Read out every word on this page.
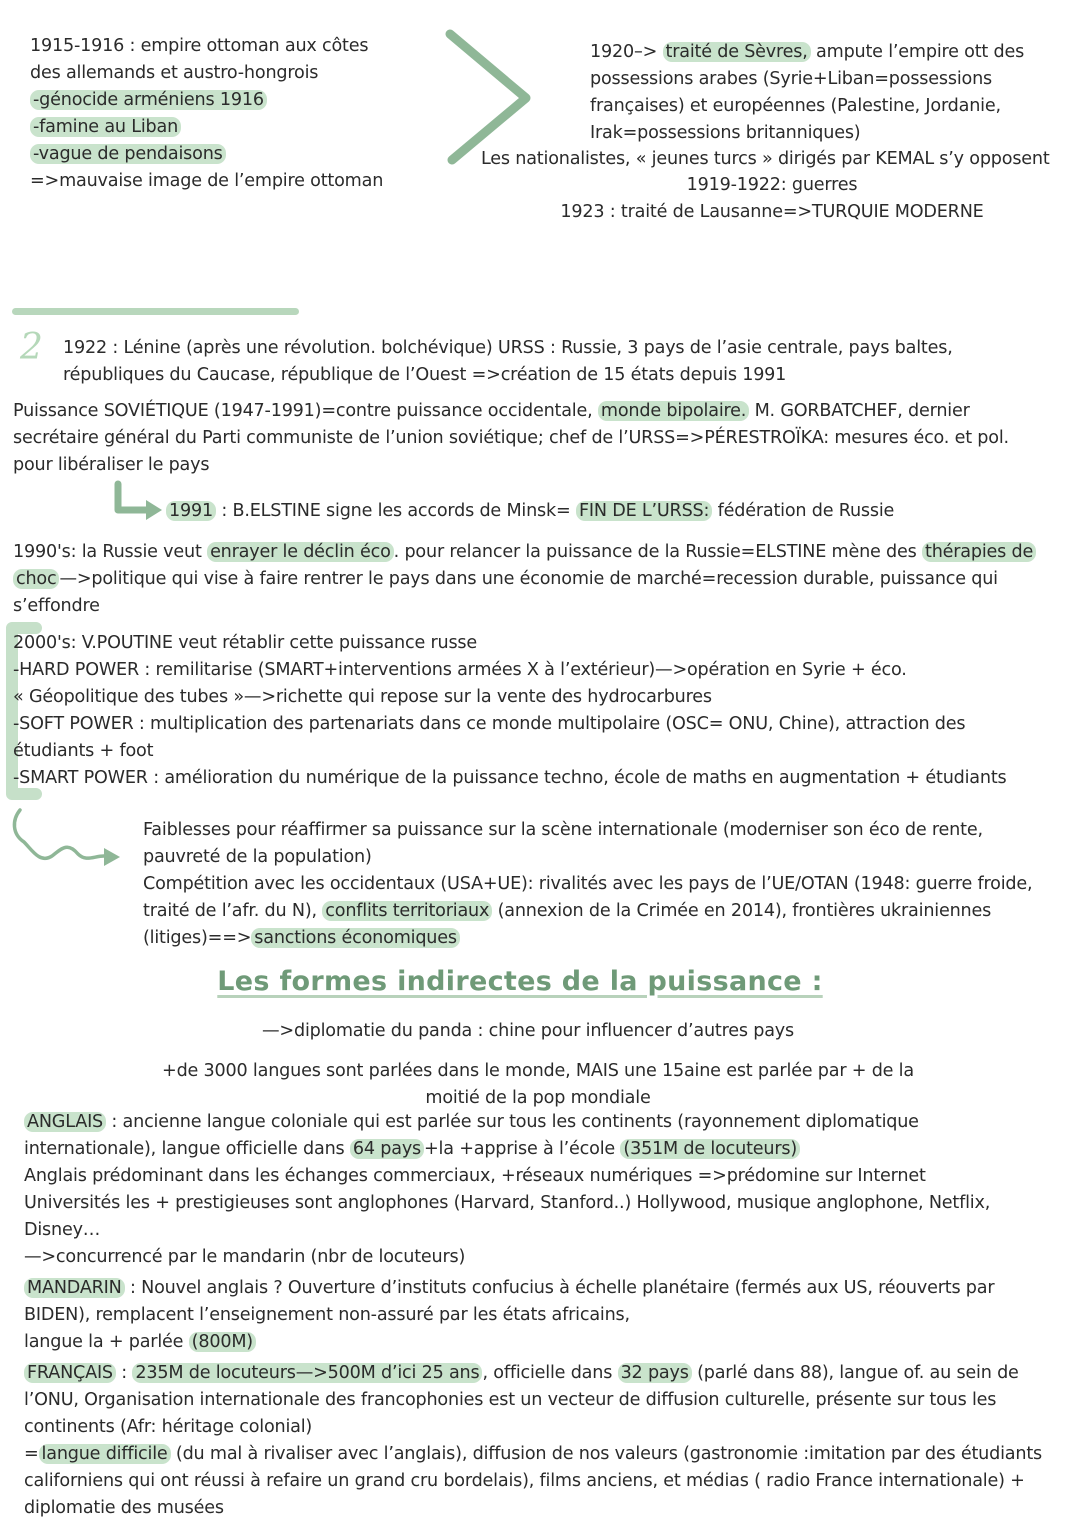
1915-1916 : empire ottoman aux côtes
des allemands et austro-hongrois
-génocide arméniens 1916
-famine au Liban
-vague de pendaisons
=>mauvaise image de l’empire ottoman
1920–> traité de Sèvres, ampute l’empire ott des
possessions arabes (Syrie+Liban=possessions
françaises) et européennes (Palestine, Jordanie,
Irak=possessions britanniques)
Les nationalistes, « jeunes turcs » dirigés par KEMAL s’y opposent
1919-1922: guerres
1923 : traité de Lausanne=>TURQUIE MODERNE
2 1922 : Lénine (après une révolution. bolchévique) URSS : Russie, 3 pays de l’asie centrale, pays baltes,
républiques du Caucase, république de l’Ouest =>création de 15 états depuis 1991
Puissance SOVIÉTIQUE (1947-1991)=contre puissance occidentale, monde bipolaire. M. GORBATCHEF, dernier
secrétaire général du Parti communiste de l’union soviétique; chef de l’URSS=>PÉRESTROÏKA: mesures éco. et pol.
pour libéraliser le pays
1991 : B.ELSTINE signe les accords de Minsk= FIN DE L’URSS: fédération de Russie
1990's: la Russie veut enrayer le déclin éco . pour relancer la puissance de la Russie=ELSTINE mène des thérapies de
choc —>politique qui vise à faire rentrer le pays dans une économie de marché=recession durable, puissance qui
s’effondre
2000's: V.POUTINE veut rétablir cette puissance russe
-HARD POWER : remilitarise (SMART+interventions armées X à l’extérieur)—>opération en Syrie + éco.
« Géopolitique des tubes »—>richette qui repose sur la vente des hydrocarbures
-SOFT POWER : multiplication des partenariats dans ce monde multipolaire (OSC= ONU, Chine), attraction des
étudiants + foot
-SMART POWER : amélioration du numérique de la puissance techno, école de maths en augmentation + étudiants
Faiblesses pour réaffirmer sa puissance sur la scène internationale (moderniser son éco de rente,
pauvreté de la population)
Compétition avec les occidentaux (USA+UE): rivalités avec les pays de l’UE/OTAN (1948: guerre froide,
traité de l’afr. du N), conflits territoriaux (annexion de la Crimée en 2014), frontières ukrainiennes
(litiges)==> sanctions économiques
Les formes indirectes de la puissance :
—>diplomatie du panda : chine pour influencer d’autres pays
+de 3000 langues sont parlées dans le monde, MAIS une 15aine est parlée par + de la
moitié de la pop mondiale
ANGLAIS : ancienne langue coloniale qui est parlée sur tous les continents (rayonnement diplomatique
internationale), langue officielle dans 64 pays +la +apprise à l’école (351M de locuteurs)
Anglais prédominant dans les échanges commerciaux, +réseaux numériques =>prédomine sur Internet
Universités les + prestigieuses sont anglophones (Harvard, Stanford..) Hollywood, musique anglophone, Netflix,
Disney…
—>concurrencé par le mandarin (nbr de locuteurs)
MANDARIN : Nouvel anglais ? Ouverture d’instituts confucius à échelle planétaire (fermés aux US, réouverts par
BIDEN), remplacent l’enseignement non-assuré par les états africains,
langue la + parlée (800M)
FRANÇAIS : 235M de locuteurs—>500M d’ici 25 ans , officielle dans 32 pays (parlé dans 88), langue of. au sein de
l’ONU, Organisation internationale des francophonies est un vecteur de diffusion culturelle, présente sur tous les
continents (Afr: héritage colonial)
= langue difficile (du mal à rivaliser avec l’anglais), diffusion de nos valeurs (gastronomie :imitation par des étudiants
californiens qui ont réussi à refaire un grand cru bordelais), films anciens, et médias ( radio France internationale) +
diplomatie des musées
